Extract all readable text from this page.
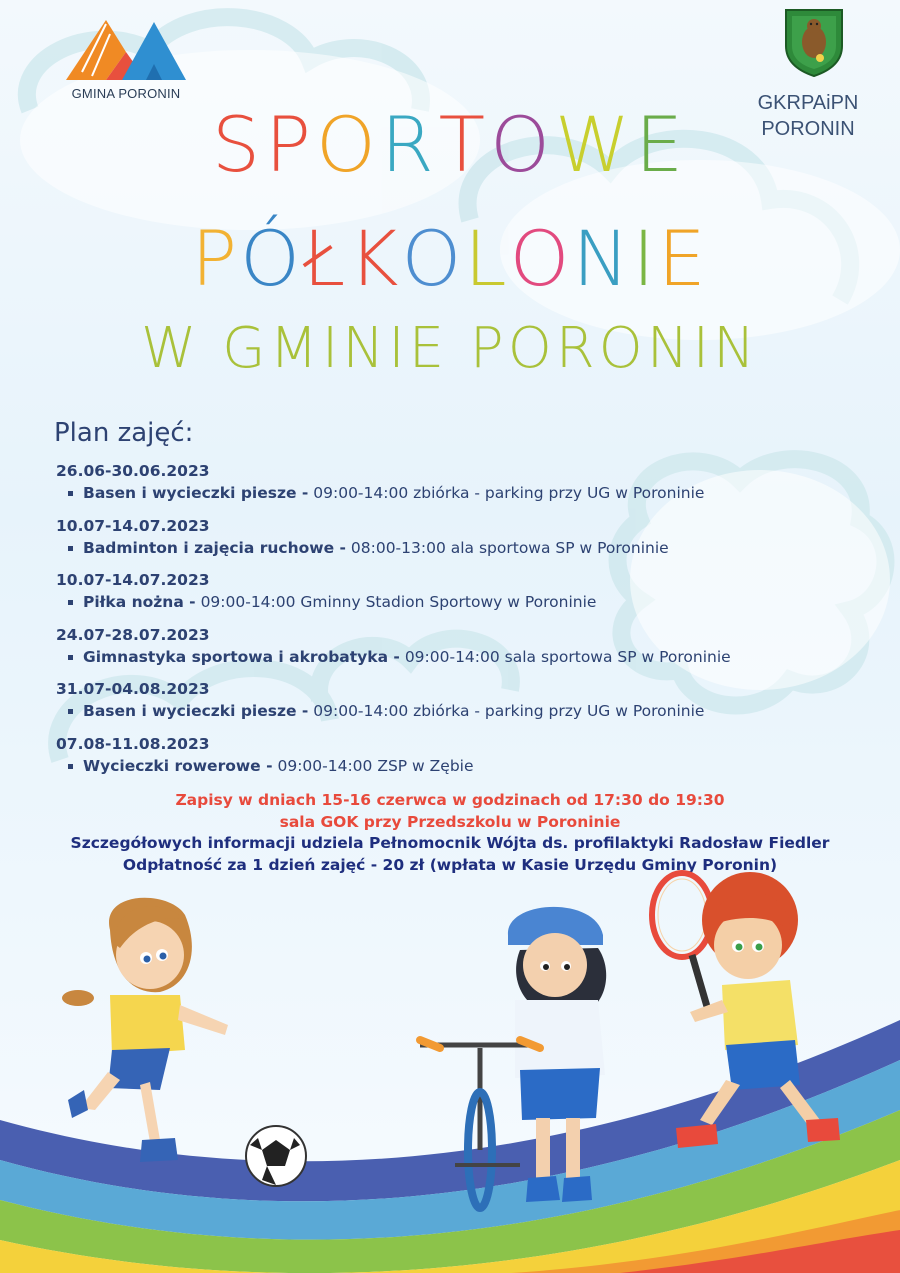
GMINA PORONIN	GKRPAiPN
PORONIN
SPORTOWE
PÓŁKOLONIE
W GMINIE PORONIN
Plan zajęć:
26.06-30.06.2023
Basen i wycieczki piesze - 09:00-14:00 zbiórka - parking przy UG w Poroninie
10.07-14.07.2023
Badminton i zajęcia ruchowe - 08:00-13:00 ala sportowa SP w Poroninie
10.07-14.07.2023
Piłka nożna - 09:00-14:00 Gminny Stadion Sportowy w Poroninie
24.07-28.07.2023
Gimnastyka sportowa i akrobatyka - 09:00-14:00 sala sportowa SP w Poroninie
31.07-04.08.2023
Basen i wycieczki piesze - 09:00-14:00 zbiórka - parking przy UG w Poroninie
07.08-11.08.2023
Wycieczki rowerowe - 09:00-14:00 ZSP w Zębie
Zapisy w dniach 15-16 czerwca w godzinach od 17:30 do 19:30
sala GOK przy Przedszkolu w Poroninie
Szczegółowych informacji udziela Pełnomocnik Wójta ds. profilaktyki Radosław Fiedler
Odpłatność za 1 dzień zajęć - 20 zł (wpłata w Kasie Urzędu Gminy Poronin)
